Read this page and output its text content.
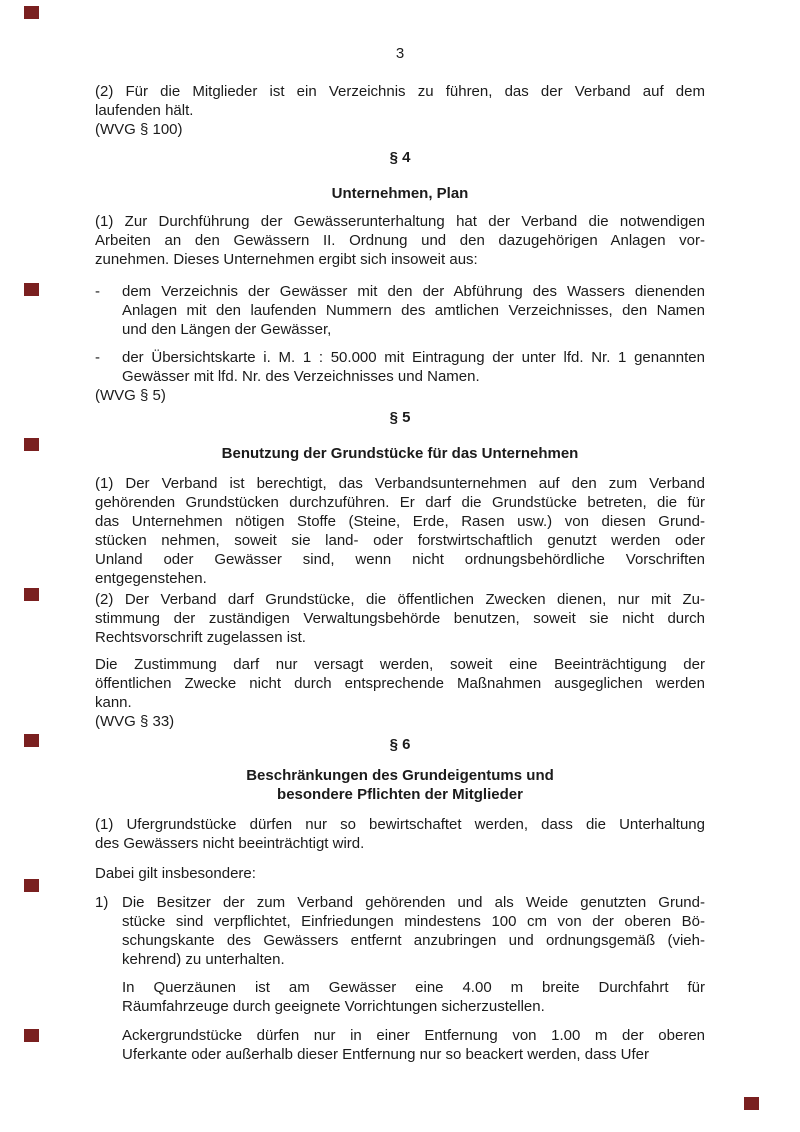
3
(2) Für die Mitglieder ist ein Verzeichnis zu führen, das der Verband auf dem
laufenden hält.
(WVG § 100)
§ 4
Unternehmen, Plan
(1) Zur Durchführung der Gewässerunterhaltung hat der Verband die notwendigen
Arbeiten an den Gewässern II. Ordnung und den dazugehörigen Anlagen vor-
zunehmen. Dieses Unternehmen ergibt sich insoweit aus:
-	dem Verzeichnis der Gewässer mit den der Abführung des Wassers dienenden
Anlagen mit den laufenden Nummern des amtlichen Verzeichnisses, den Namen
und den Längen der Gewässer,
-	der Übersichtskarte i. M. 1 : 50.000 mit Eintragung der unter lfd. Nr. 1 genannten
Gewässer mit lfd. Nr. des Verzeichnisses und Namen.
(WVG § 5)
§ 5
Benutzung der Grundstücke für das Unternehmen
(1) Der Verband ist berechtigt, das Verbandsunternehmen auf den zum Verband
gehörenden Grundstücken durchzuführen. Er darf die Grundstücke betreten, die für
das Unternehmen nötigen Stoffe (Steine, Erde, Rasen usw.) von diesen Grund-
stücken nehmen, soweit sie land- oder forstwirtschaftlich genutzt werden oder
Unland oder Gewässer sind, wenn nicht ordnungsbehördliche Vorschriften
entgegenstehen.
(2) Der Verband darf Grundstücke, die öffentlichen Zwecken dienen, nur mit Zu-
stimmung der zuständigen Verwaltungsbehörde benutzen, soweit sie nicht durch
Rechtsvorschrift zugelassen ist.
Die Zustimmung darf nur versagt werden, soweit eine Beeinträchtigung der
öffentlichen Zwecke nicht durch entsprechende Maßnahmen ausgeglichen werden
kann.
(WVG § 33)
§ 6
Beschränkungen des Grundeigentums und
besondere Pflichten der Mitglieder
(1) Ufergrundstücke dürfen nur so bewirtschaftet werden, dass die Unterhaltung
des Gewässers nicht beeinträchtigt wird.
Dabei gilt insbesondere:
1) Die Besitzer der zum Verband gehörenden und als Weide genutzten Grund-
stücke sind verpflichtet, Einfriedungen mindestens 100 cm von der oberen Bö-
schungskante des Gewässers entfernt anzubringen und ordnungsgemäß (vieh-
kehrend) zu unterhalten.
In Querzäunen ist am Gewässer eine 4.00 m breite Durchfahrt für
Räumfahrzeuge durch geeignete Vorrichtungen sicherzustellen.
Ackergrundstücke dürfen nur in einer Entfernung von 1.00 m der oberen
Uferkante oder außerhalb dieser Entfernung nur so beackert werden, dass Ufer
